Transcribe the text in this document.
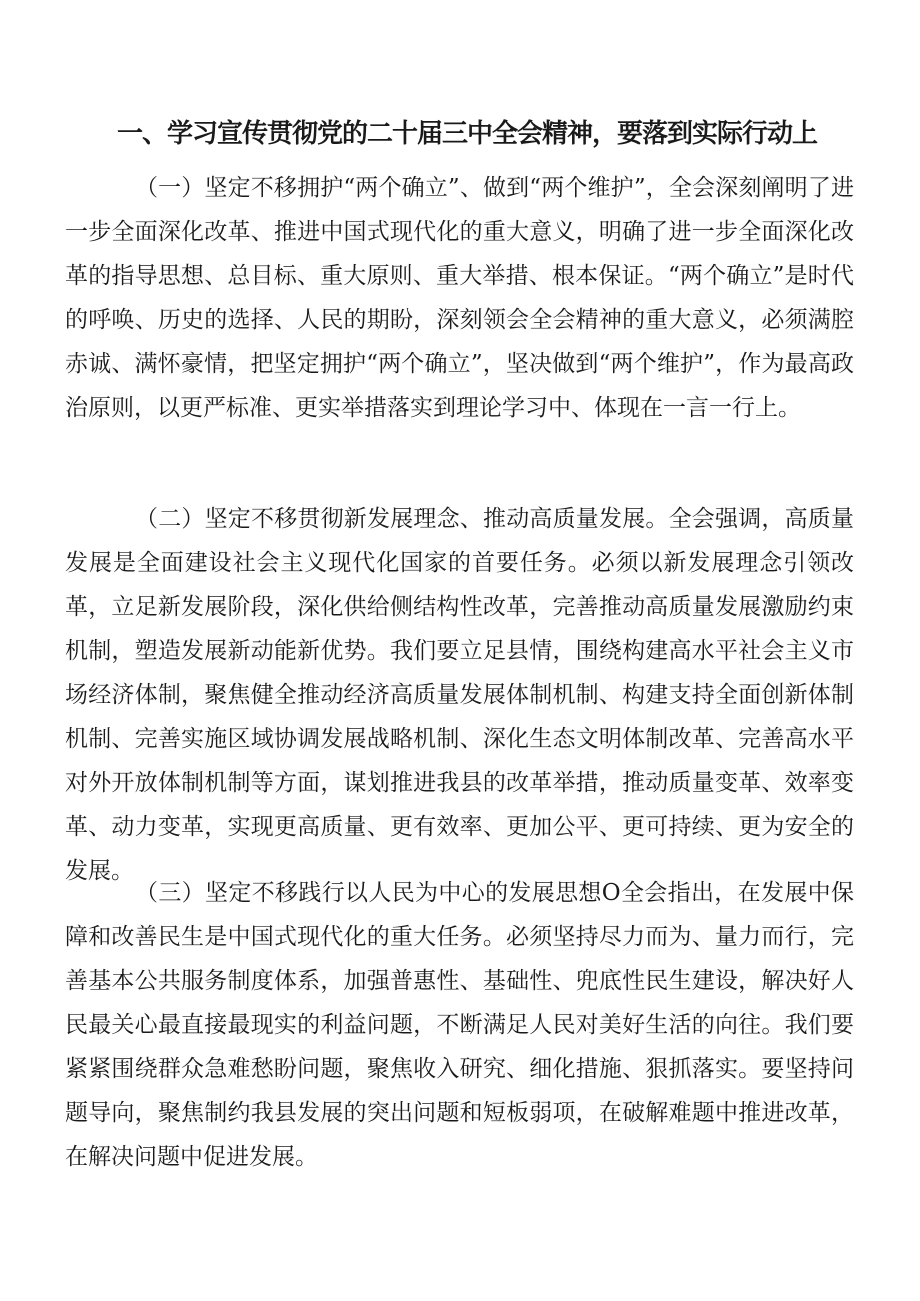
一、学习宣传贯彻党的二十届三中全会精神，要落到实际行动上

（一）坚定不移拥护“两个确立”、做到“两个维护”，全会深刻阐明了进一步全面深化改革、推进中国式现代化的重大意义，明确了进一步全面深化改革的指导思想、总目标、重大原则、重大举措、根本保证。“两个确立”是时代的呼唤、历史的选择、人民的期盼，深刻领会全会精神的重大意义，必须满腔赤诚、满怀豪情，把坚定拥护“两个确立”，坚决做到“两个维护”，作为最高政治原则，以更严标准、更实举措落实到理论学习中、体现在一言一行上。

（二）坚定不移贯彻新发展理念、推动高质量发展。全会强调，高质量发展是全面建设社会主义现代化国家的首要任务。必须以新发展理念引领改革，立足新发展阶段，深化供给侧结构性改革，完善推动高质量发展激励约束机制，塑造发展新动能新优势。我们要立足县情，围绕构建高水平社会主义市场经济体制，聚焦健全推动经济高质量发展体制机制、构建支持全面创新体制机制、完善实施区域协调发展战略机制、深化生态文明体制改革、完善高水平对外开放体制机制等方面，谋划推进我县的改革举措，推动质量变革、效率变革、动力变革，实现更高质量、更有效率、更加公平、更可持续、更为安全的发展。

（三）坚定不移践行以人民为中心的发展思想O全会指出，在发展中保障和改善民生是中国式现代化的重大任务。必须坚持尽力而为、量力而行，完善基本公共服务制度体系，加强普惠性、基础性、兜底性民生建设，解决好人民最关心最直接最现实的利益问题，不断满足人民对美好生活的向往。我们要紧紧围绕群众急难愁盼问题，聚焦收入研究、细化措施、狠抓落实。要坚持问题导向，聚焦制约我县发展的突出问题和短板弱项，在破解难题中推进改革，在解决问题中促进发展。
